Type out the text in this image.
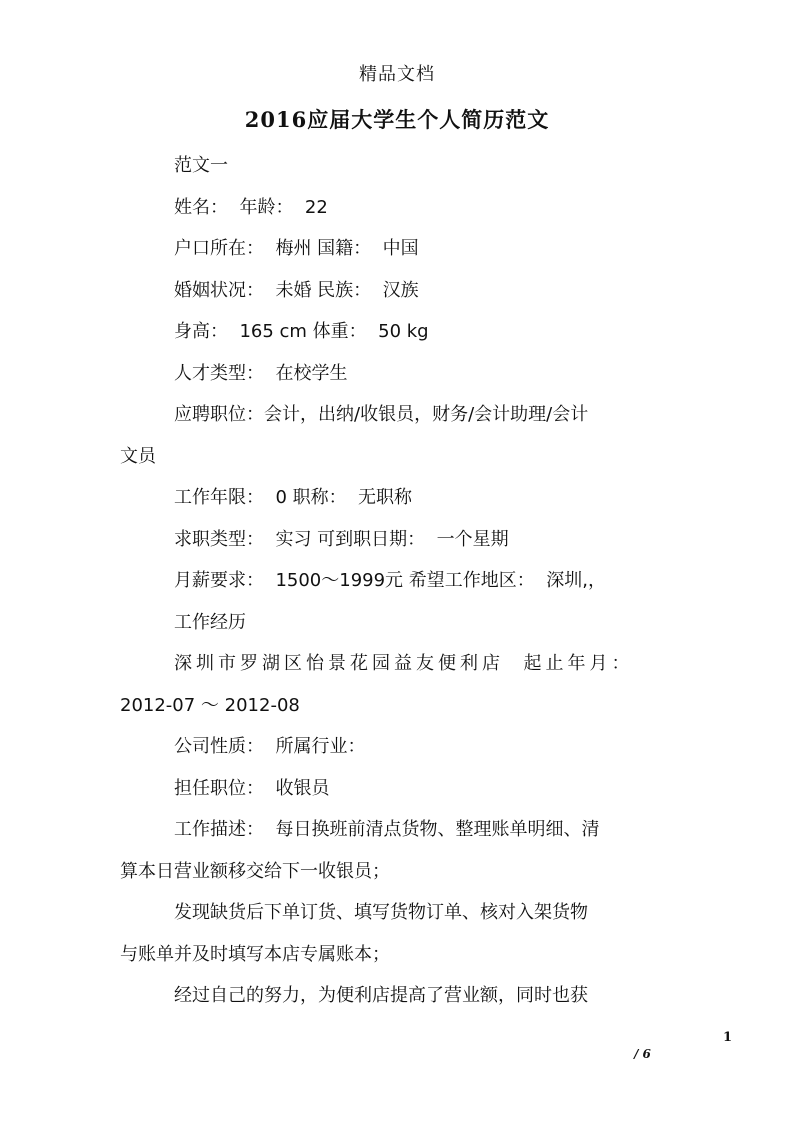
精品文档
2016应届大学生个人简历范文
范文一
姓名：  年龄：  22
户口所在：  梅州 国籍：  中国
婚姻状况：  未婚 民族：  汉族
身高：  165 cm 体重：  50 kg
人才类型：  在校学生
应聘职位：会计，出纳/收银员，财务/会计助理/会计
文员
工作年限：  0 职称：  无职称
求职类型：  实习 可到职日期：  一个星期
月薪要求：  1500～1999元 希望工作地区：  深圳,，
工作经历
深圳市罗湖区怡景花园益友便利店  起止年月：
2012-07 ～ 2012-08
公司性质：  所属行业：
担任职位：  收银员
工作描述：  每日换班前清点货物、整理账单明细、清
算本日营业额移交给下一收银员；
发现缺货后下单订货、填写货物订单、核对入架货物
与账单并及时填写本店专属账本；
经过自己的努力，为便利店提高了营业额，同时也获
1
/ 6
